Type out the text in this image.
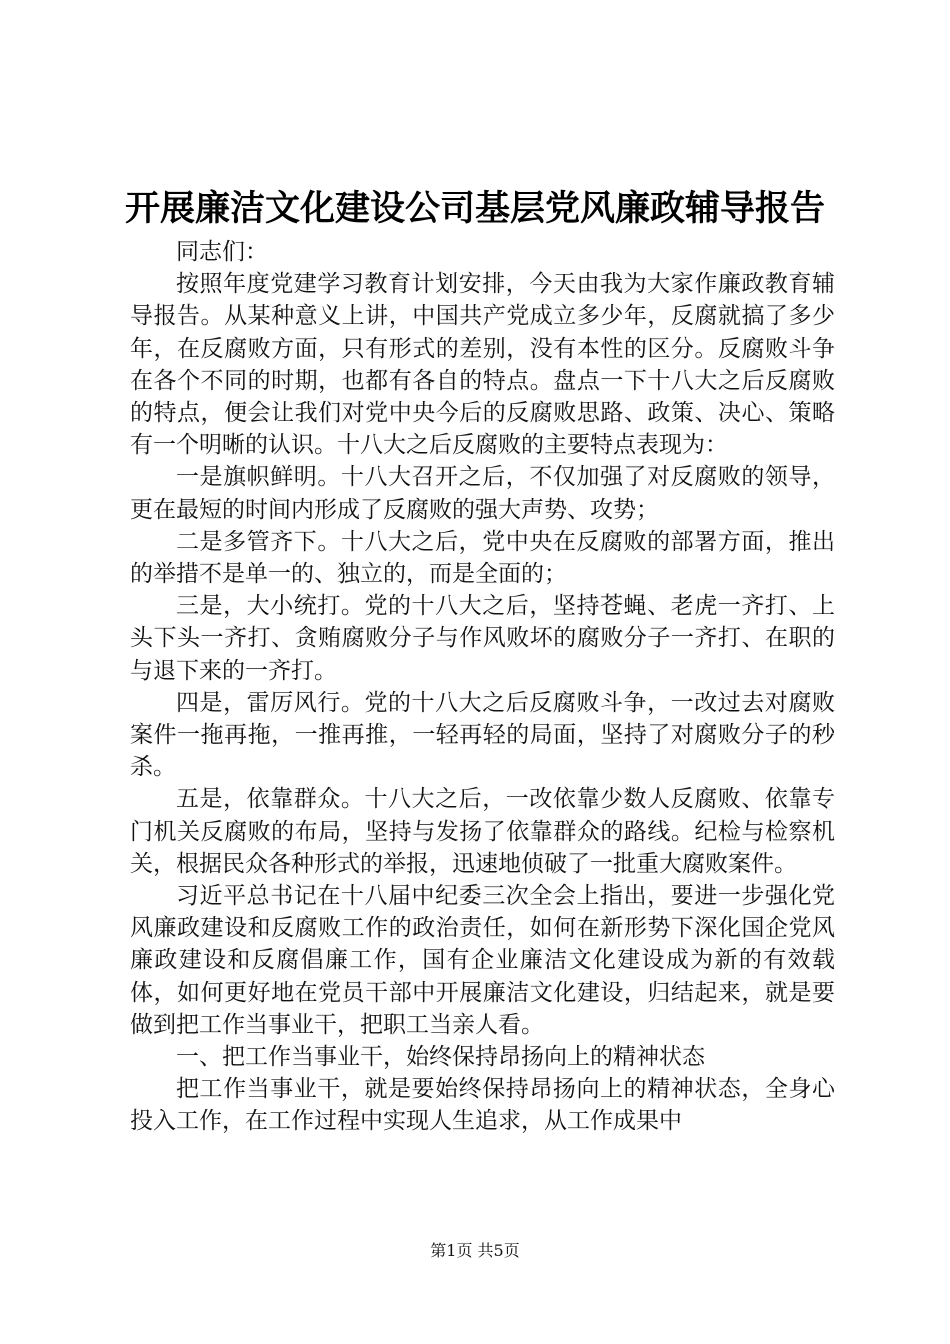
开展廉洁文化建设公司基层党风廉政辅导报告

同志们：

按照年度党建学习教育计划安排，今天由我为大家作廉政教育辅导报告。从某种意义上讲，中国共产党成立多少年，反腐就搞了多少年，在反腐败方面，只有形式的差别，没有本性的区分。反腐败斗争在各个不同的时期，也都有各自的特点。盘点一下十八大之后反腐败的特点，便会让我们对党中央今后的反腐败思路、政策、决心、策略有一个明晰的认识。十八大之后反腐败的主要特点表现为：

一是旗帜鲜明。十八大召开之后，不仅加强了对反腐败的领导，更在最短的时间内形成了反腐败的强大声势、攻势；

二是多管齐下。十八大之后，党中央在反腐败的部署方面，推出的举措不是单一的、独立的，而是全面的；

三是，大小统打。党的十八大之后，坚持苍蝇、老虎一齐打、上头下头一齐打、贪贿腐败分子与作风败坏的腐败分子一齐打、在职的与退下来的一齐打。

四是，雷厉风行。党的十八大之后反腐败斗争，一改过去对腐败案件一拖再拖，一推再推，一轻再轻的局面，坚持了对腐败分子的秒杀。

五是，依靠群众。十八大之后，一改依靠少数人反腐败、依靠专门机关反腐败的布局，坚持与发扬了依靠群众的路线。纪检与检察机关，根据民众各种形式的举报，迅速地侦破了一批重大腐败案件。

习近平总书记在十八届中纪委三次全会上指出，要进一步强化党风廉政建设和反腐败工作的政治责任，如何在新形势下深化国企党风廉政建设和反腐倡廉工作，国有企业廉洁文化建设成为新的有效载体，如何更好地在党员干部中开展廉洁文化建设，归结起来，就是要做到把工作当事业干，把职工当亲人看。

一、把工作当事业干，始终保持昂扬向上的精神状态

把工作当事业干，就是要始终保持昂扬向上的精神状态，全身心投入工作，在工作过程中实现人生追求，从工作成果中

第1页 共5页
